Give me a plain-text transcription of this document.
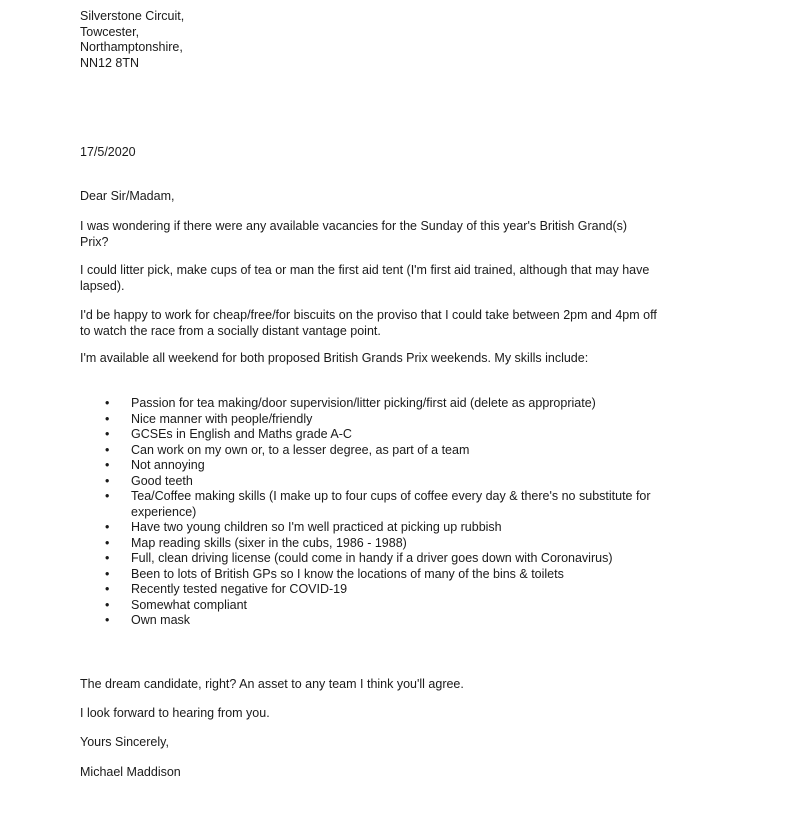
Silverstone Circuit,
Towcester,
Northamptonshire,
NN12 8TN
17/5/2020
Dear Sir/Madam,
I was wondering if there were any available vacancies for the Sunday of this year's British Grand(s) Prix?
I could litter pick, make cups of tea or man the first aid tent (I'm first aid trained, although that may have lapsed).
I'd be happy to work for cheap/free/for biscuits on the proviso that I could take between 2pm and 4pm off to watch the race from a socially distant vantage point.
I'm available all weekend for both proposed British Grands Prix weekends. My skills include:
• Passion for tea making/door supervision/litter picking/first aid (delete as appropriate)
• Nice manner with people/friendly
• GCSEs in English and Maths grade A-C
• Can work on my own or, to a lesser degree, as part of a team
• Not annoying
• Good teeth
• Tea/Coffee making skills (I make up to four cups of coffee every day & there's no substitute for experience)
• Have two young children so I'm well practiced at picking up rubbish
• Map reading skills (sixer in the cubs, 1986 - 1988)
• Full, clean driving license (could come in handy if a driver goes down with Coronavirus)
• Been to lots of British GPs so I know the locations of many of the bins & toilets
• Recently tested negative for COVID-19
• Somewhat compliant
• Own mask
The dream candidate, right? An asset to any team I think you'll agree.
I look forward to hearing from you.
Yours Sincerely,
Michael Maddison
